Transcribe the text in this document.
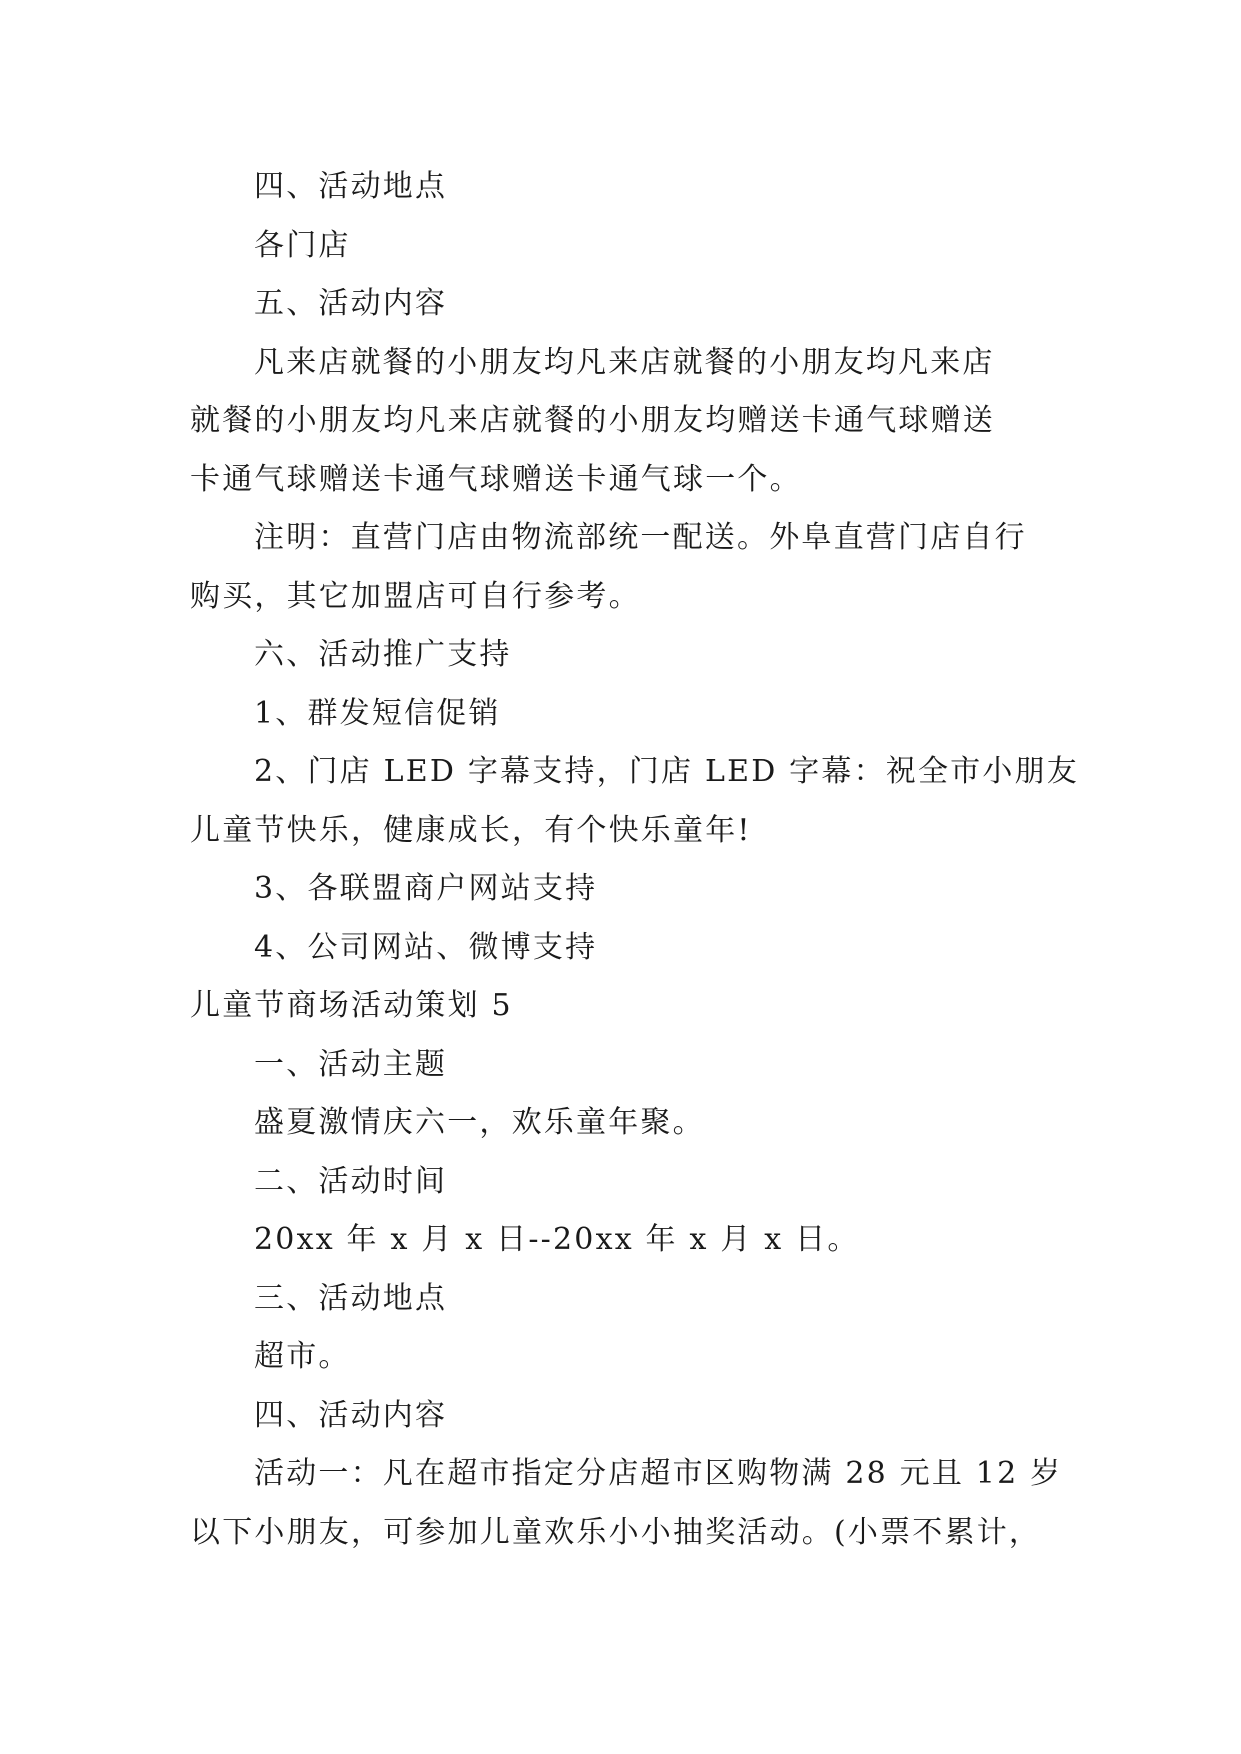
四、活动地点

各门店

五、活动内容

凡来店就餐的小朋友均凡来店就餐的小朋友均凡来店

就餐的小朋友均凡来店就餐的小朋友均赠送卡通气球赠送

卡通气球赠送卡通气球赠送卡通气球一个。

注明：直营门店由物流部统一配送。外阜直营门店自行

购买，其它加盟店可自行参考。

六、活动推广支持

1、群发短信促销

2、门店 LED 字幕支持，门店 LED 字幕：祝全市小朋友

儿童节快乐，健康成长，有个快乐童年!

3、各联盟商户网站支持

4、公司网站、微博支持

儿童节商场活动策划 5

一、活动主题

盛夏激情庆六一，欢乐童年聚。

二、活动时间

20xx 年 x 月 x 日--20xx 年 x 月 x 日。

三、活动地点

超市。

四、活动内容

活动一：凡在超市指定分店超市区购物满 28 元且 12 岁

以下小朋友，可参加儿童欢乐小小抽奖活动。(小票不累计，
